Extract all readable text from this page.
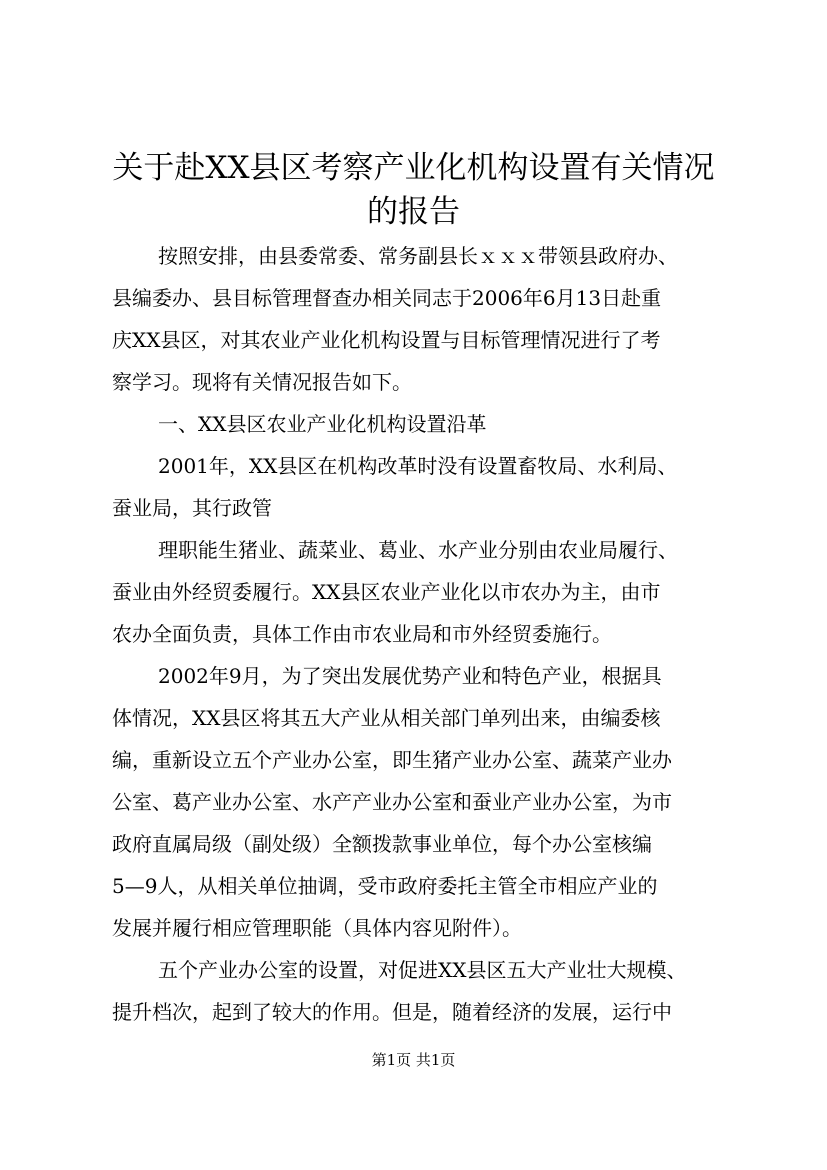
关于赴XX县区考察产业化机构设置有关情况
的报告
按照安排，由县委常委、常务副县长ｘｘｘ带领县政府办、
县编委办、县目标管理督查办相关同志于2006年6月13日赴重
庆XX县区，对其农业产业化机构设置与目标管理情况进行了考
察学习。现将有关情况报告如下。
一、XX县区农业产业化机构设置沿革
2001年，XX县区在机构改革时没有设置畜牧局、水利局、
蚕业局，其行政管
理职能生猪业、蔬菜业、葛业、水产业分别由农业局履行、
蚕业由外经贸委履行。XX县区农业产业化以市农办为主，由市
农办全面负责，具体工作由市农业局和市外经贸委施行。
2002年9月，为了突出发展优势产业和特色产业，根据具
体情况，XX县区将其五大产业从相关部门单列出来，由编委核
编，重新设立五个产业办公室，即生猪产业办公室、蔬菜产业办
公室、葛产业办公室、水产产业办公室和蚕业产业办公室，为市
政府直属局级（副处级）全额拨款事业单位，每个办公室核编
5—9人，从相关单位抽调，受市政府委托主管全市相应产业的
发展并履行相应管理职能（具体内容见附件）。
五个产业办公室的设置，对促进XX县区五大产业壮大规模、
提升档次，起到了较大的作用。但是，随着经济的发展，运行中
第1页 共1页
